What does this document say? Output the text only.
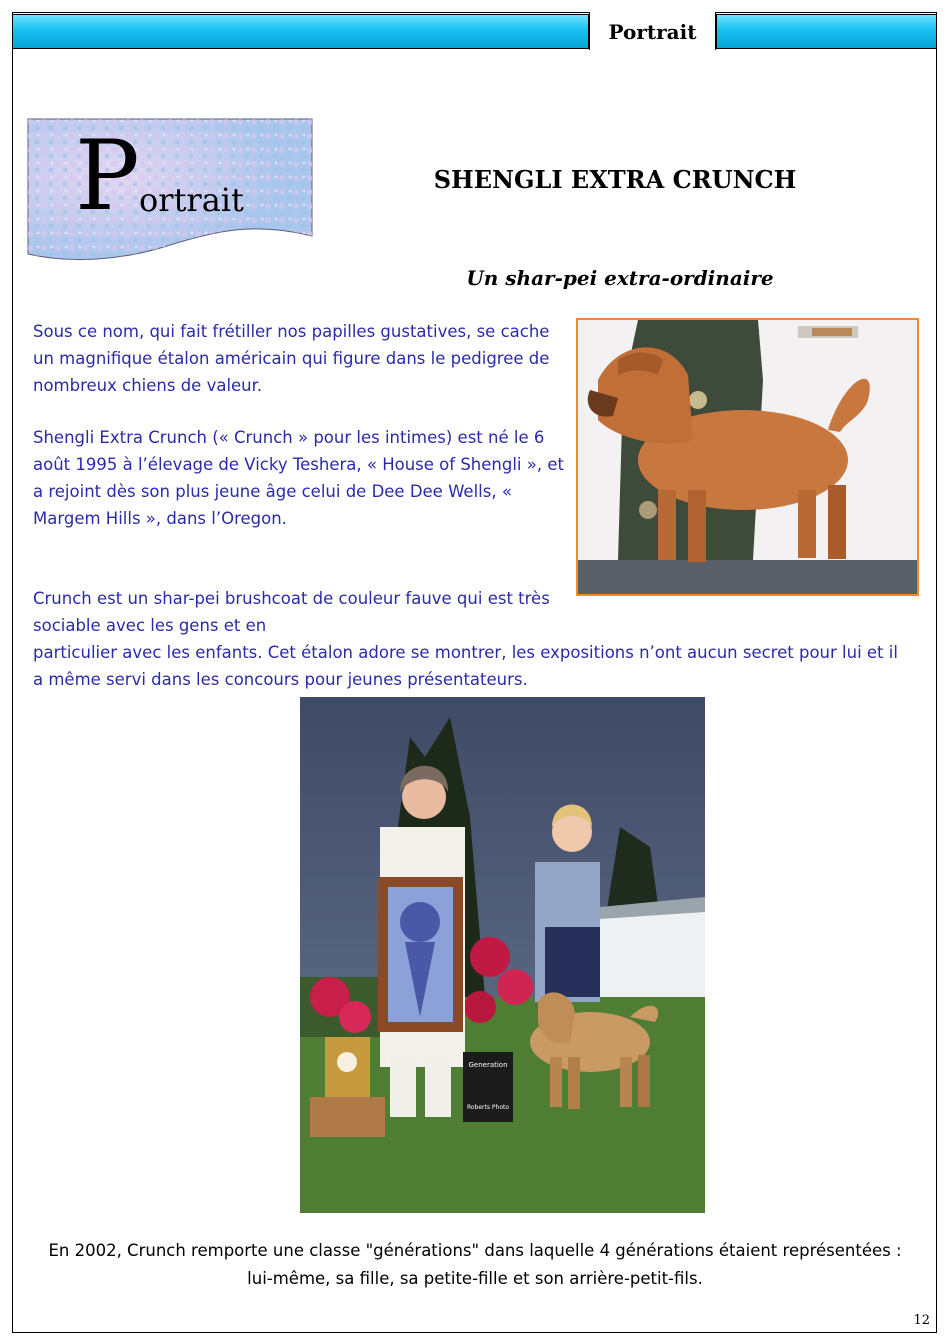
Portrait
P ortrait
SHENGLI EXTRA CRUNCH
Un shar-pei extra-ordinaire

Sous ce nom, qui fait frétiller nos papilles gustatives, se cache un magnifique étalon américain qui figure dans le pedigree de nombreux chiens de valeur.

Shengli Extra Crunch (« Crunch » pour les intimes) est né le 6 août 1995 à l’élevage de Vicky Teshera, « House of Shengli », et a rejoint dès son plus jeune âge celui de Dee Dee Wells, « Margem Hills », dans l’Oregon.

Crunch est un shar-pei brushcoat de couleur fauve qui est très sociable avec les gens et en

particulier avec les enfants. Cet étalon adore se montrer, les expositions n’ont aucun secret pour lui et il a même servi dans les concours pour jeunes présentateurs.

Generation
Roberts Photo
En 2002, Crunch remporte une classe "générations" dans laquelle 4 générations étaient représentées : lui-même, sa fille, sa petite-fille et son arrière-petit-fils.
12
